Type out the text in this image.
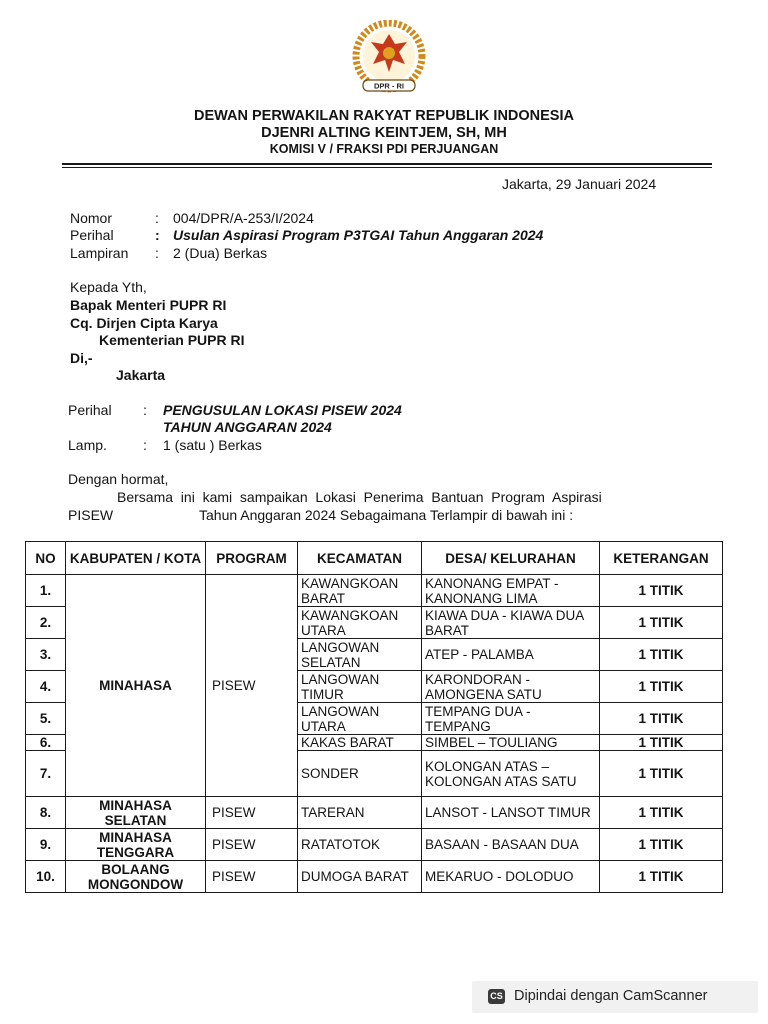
DPR - RI
DEWAN PERWAKILAN RAKYAT REPUBLIK INDONESIA
DJENRI ALTING KEINTJEM, SH, MH
KOMISI V / FRAKSI PDI PERJUANGAN
Jakarta, 29 Januari 2024
Nomor	: 004/DPR/A-253/I/2024
Perihal	: Usulan Aspirasi Program P3TGAI Tahun Anggaran 2024
Lampiran : 2 (Dua) Berkas
Kepada Yth,
Bapak Menteri PUPR RI
Cq. Dirjen Cipta Karya
Kementerian PUPR RI
Di,-
Jakarta
Perihal : PENGUSULAN LOKASI PISEW 2024
TAHUN ANGGARAN 2024
Lamp.	: 1 (satu ) Berkas
Dengan hormat,
Bersama  ini  kami  sampaikan  Lokasi  Penerima  Bantuan  Program  Aspirasi
PISEW	Tahun Anggaran 2024 Sebagaimana Terlampir di bawah ini :
NO	KABUPATEN / KOTA	PROGRAM	KECAMATAN	DESA/ KELURAHAN	KETERANGAN
1.	MINAHASA	PISEW	KAWANGKOAN BARAT	KANONANG EMPAT - KANONANG LIMA	1 TITIK
2.			KAWANGKOAN UTARA	KIAWA DUA - KIAWA DUA BARAT	1 TITIK
3.			LANGOWAN SELATAN	ATEP - PALAMBA	1 TITIK
4.			LANGOWAN TIMUR	KARONDORAN - AMONGENA SATU	1 TITIK
5.			LANGOWAN UTARA	TEMPANG DUA - TEMPANG	1 TITIK
6.			KAKAS BARAT	SIMBEL – TOULIANG	1 TITIK
7.			SONDER	KOLONGAN ATAS – KOLONGAN ATAS SATU	1 TITIK
8.	MINAHASA SELATAN	PISEW	TARERAN	LANSOT - LANSOT TIMUR	1 TITIK
9.	MINAHASA TENGGARA	PISEW	RATATOTOK	BASAAN - BASAAN DUA	1 TITIK
10.	BOLAANG MONGONDOW	PISEW	DUMOGA BARAT	MEKARUO - DOLODUO	1 TITIK
CS Dipindai dengan CamScanner
